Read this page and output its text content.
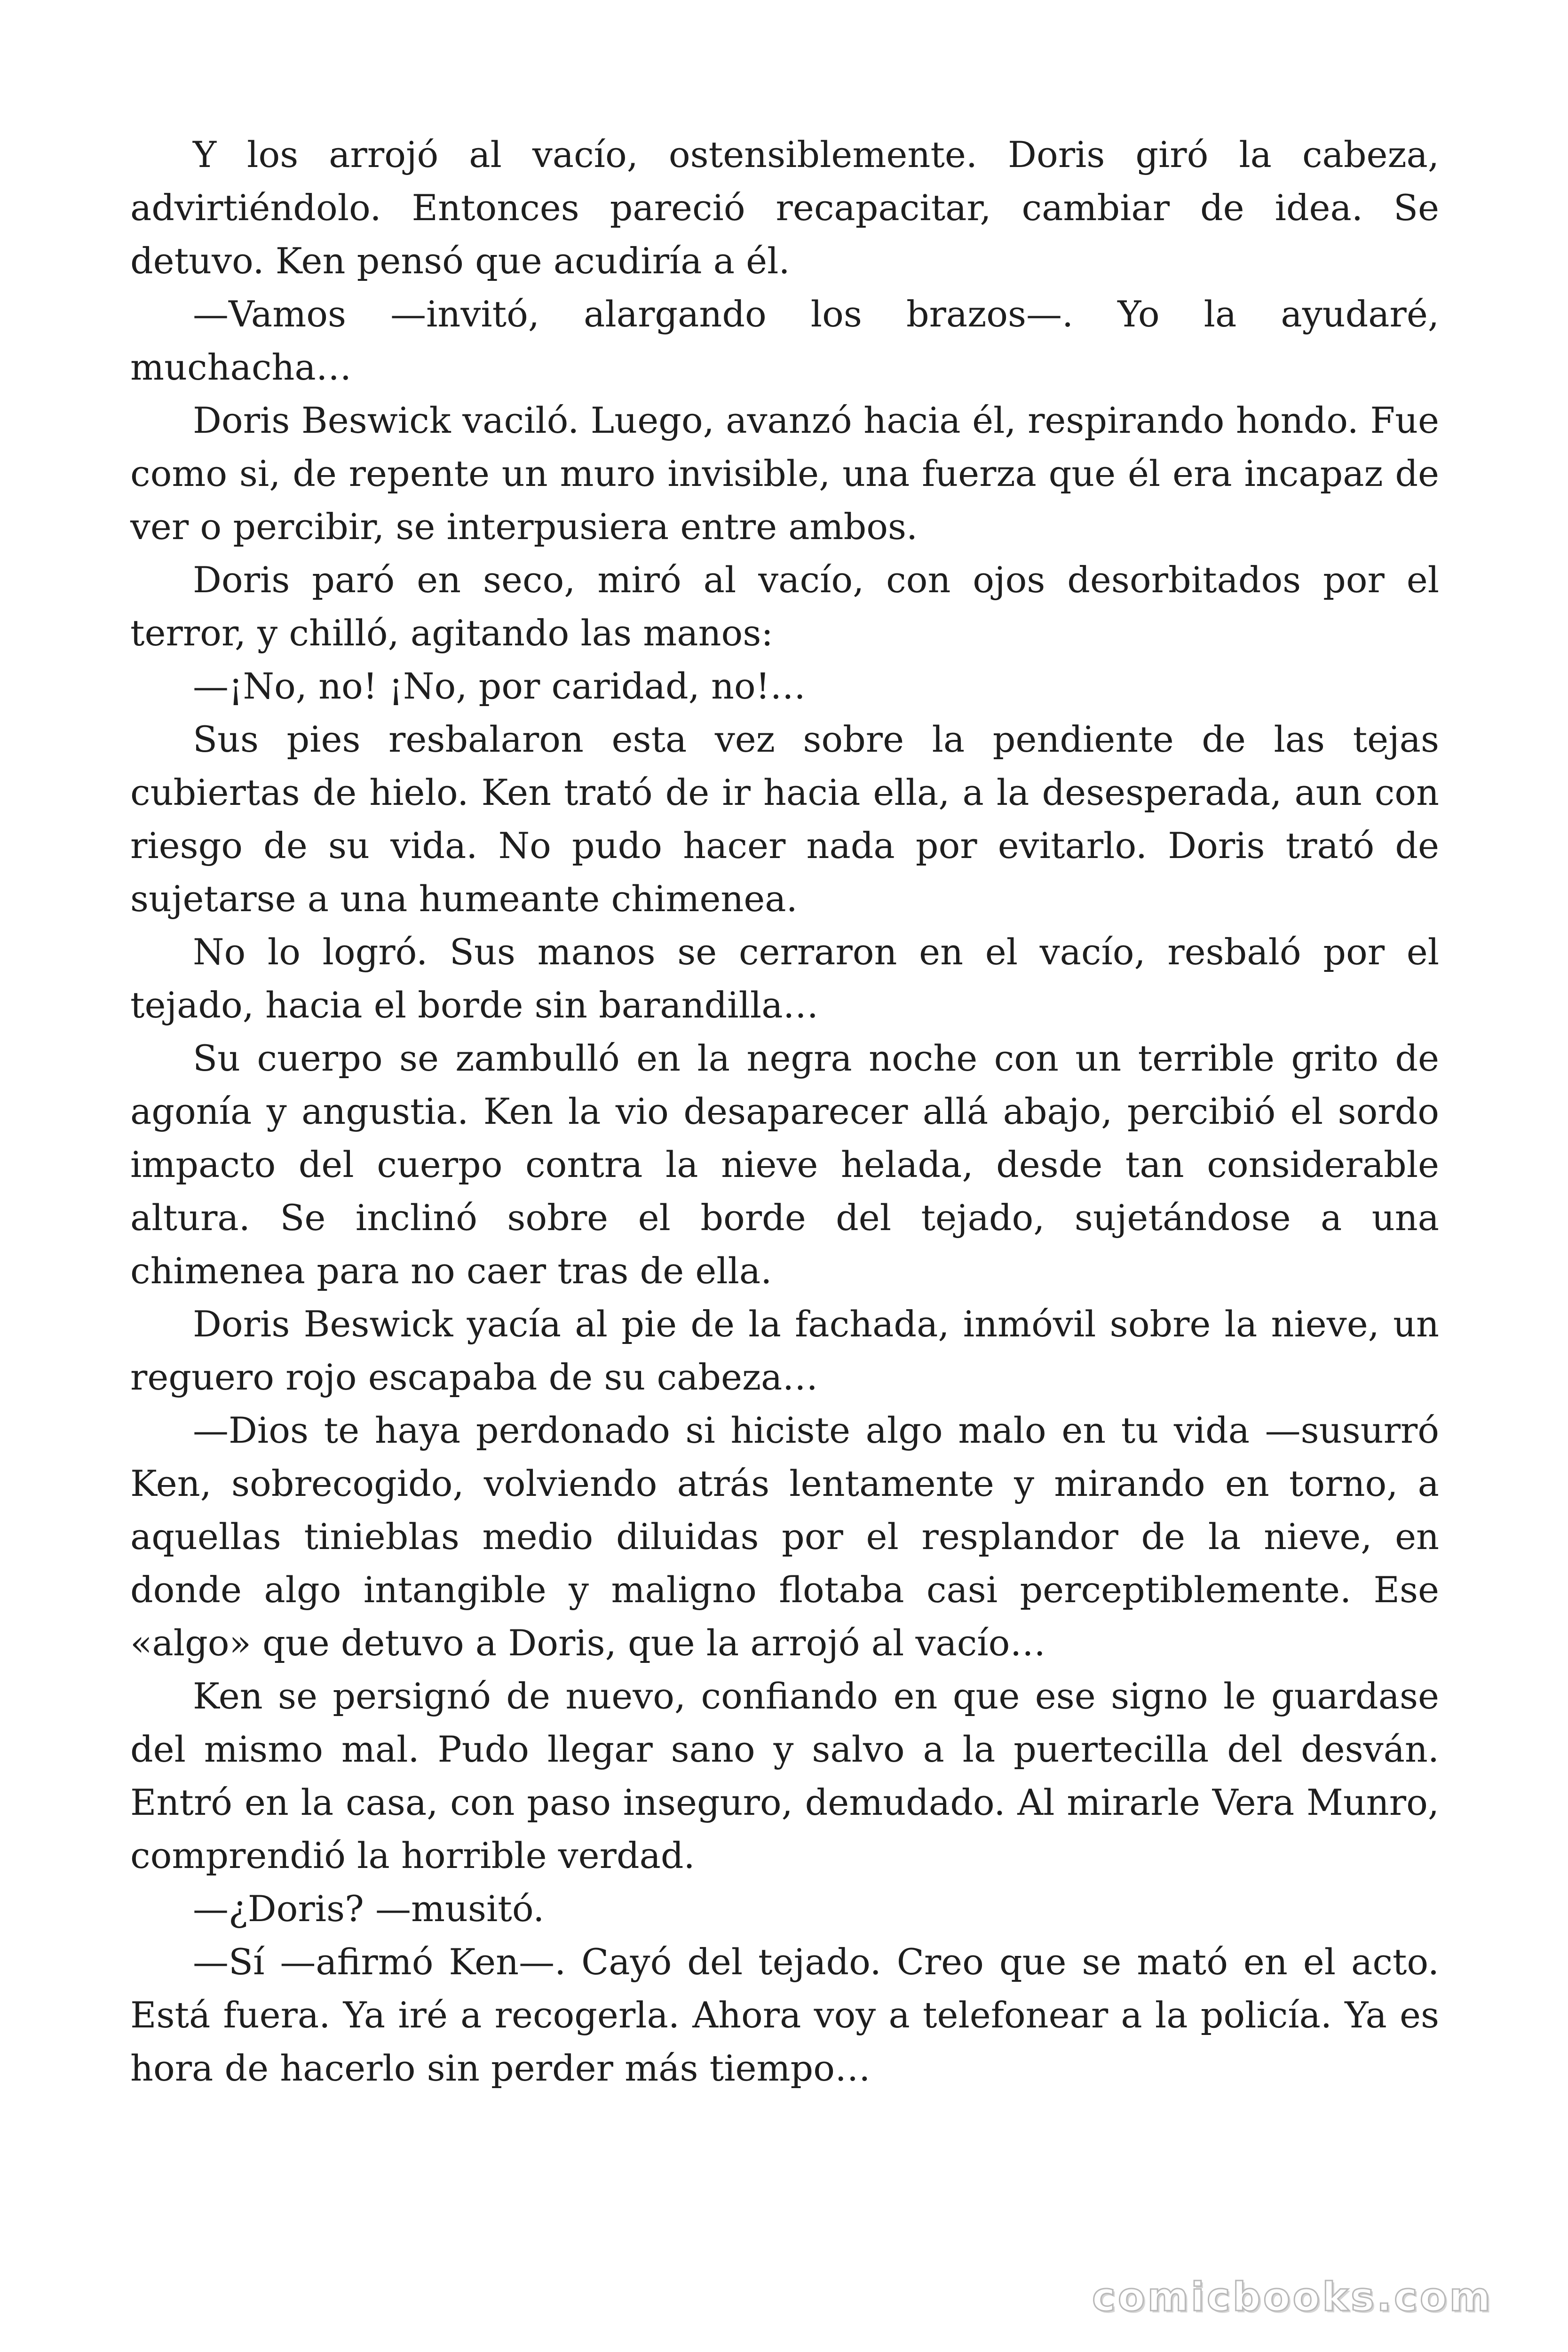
Y los arrojó al vacío, ostensiblemente. Doris giró la cabeza, advirtiéndolo. Entonces pareció recapacitar, cambiar de idea. Se detuvo. Ken pensó que acudiría a él.

—Vamos —invitó, alargando los brazos—. Yo la ayudaré, muchacha…

Doris Beswick vaciló. Luego, avanzó hacia él, respirando hondo. Fue como si, de repente un muro invisible, una fuerza que él era incapaz de ver o percibir, se interpusiera entre ambos.

Doris paró en seco, miró al vacío, con ojos desorbitados por el terror, y chilló, agitando las manos:

—¡No, no! ¡No, por caridad, no!…

Sus pies resbalaron esta vez sobre la pendiente de las tejas cubiertas de hielo. Ken trató de ir hacia ella, a la desesperada, aun con riesgo de su vida. No pudo hacer nada por evitarlo. Doris trató de sujetarse a una humeante chimenea.

No lo logró. Sus manos se cerraron en el vacío, resbaló por el tejado, hacia el borde sin barandilla…

Su cuerpo se zambulló en la negra noche con un terrible grito de agonía y angustia. Ken la vio desaparecer allá abajo, percibió el sordo impacto del cuerpo contra la nieve helada, desde tan considerable altura. Se inclinó sobre el borde del tejado, sujetándose a una chimenea para no caer tras de ella.

Doris Beswick yacía al pie de la fachada, inmóvil sobre la nieve, un reguero rojo escapaba de su cabeza…

—Dios te haya perdonado si hiciste algo malo en tu vida —susurró Ken, sobrecogido, volviendo atrás lentamente y mirando en torno, a aquellas tinieblas medio diluidas por el resplandor de la nieve, en donde algo intangible y maligno flotaba casi perceptiblemente. Ese «algo» que detuvo a Doris, que la arrojó al vacío…

Ken se persignó de nuevo, confiando en que ese signo le guardase del mismo mal. Pudo llegar sano y salvo a la puertecilla del desván. Entró en la casa, con paso inseguro, demudado. Al mirarle Vera Munro, comprendió la horrible verdad.

—¿Doris? —musitó.

—Sí —afirmó Ken—. Cayó del tejado. Creo que se mató en el acto. Está fuera. Ya iré a recogerla. Ahora voy a telefonear a la policía. Ya es hora de hacerlo sin perder más tiempo…

comicbooks.com
